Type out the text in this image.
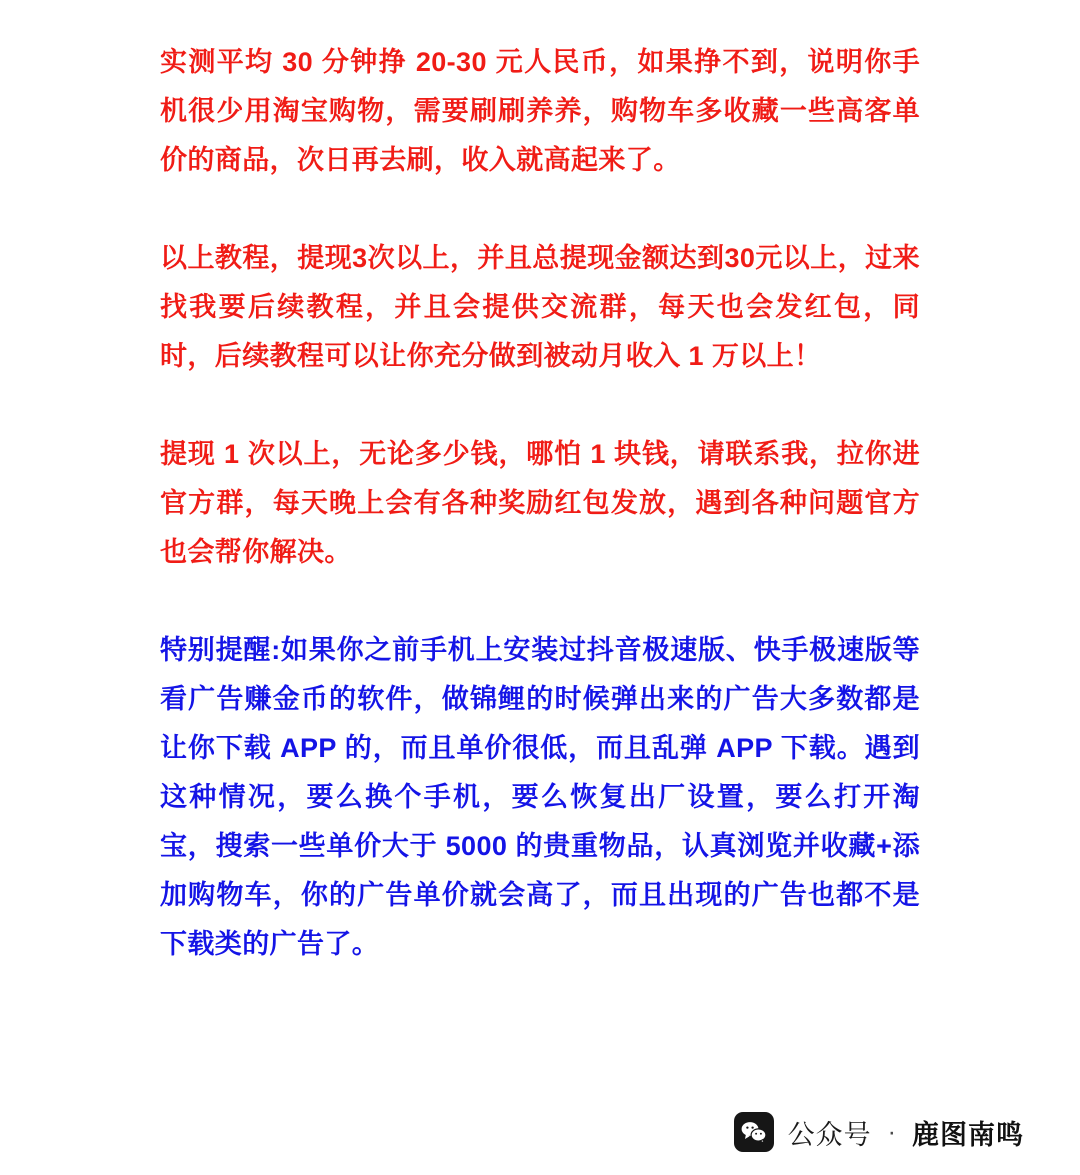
实测平均 30 分钟挣 20-30 元人民币，如果挣不到，说明你手机很少用淘宝购物，需要刷刷养养，购物车多收藏一些高客单价的商品，次日再去刷，收入就高起来了。

以上教程，提现3次以上，并且总提现金额达到30元以上，过来找我要后续教程，并且会提供交流群，每天也会发红包，同时，后续教程可以让你充分做到被动月收入 1 万以上！

提现 1 次以上，无论多少钱，哪怕 1 块钱，请联系我，拉你进官方群，每天晚上会有各种奖励红包发放，遇到各种问题官方也会帮你解决。

特别提醒:如果你之前手机上安装过抖音极速版、快手极速版等看广告赚金币的软件，做锦鲤的时候弹出来的广告大多数都是让你下载 APP 的，而且单价很低，而且乱弹 APP 下载。遇到这种情况，要么换个手机，要么恢复出厂设置，要么打开淘宝，搜索一些单价大于 5000 的贵重物品，认真浏览并收藏+添加购物车，你的广告单价就会高了，而且出现的广告也都不是下载类的广告了。

公众号 · 鹿图南鸣
